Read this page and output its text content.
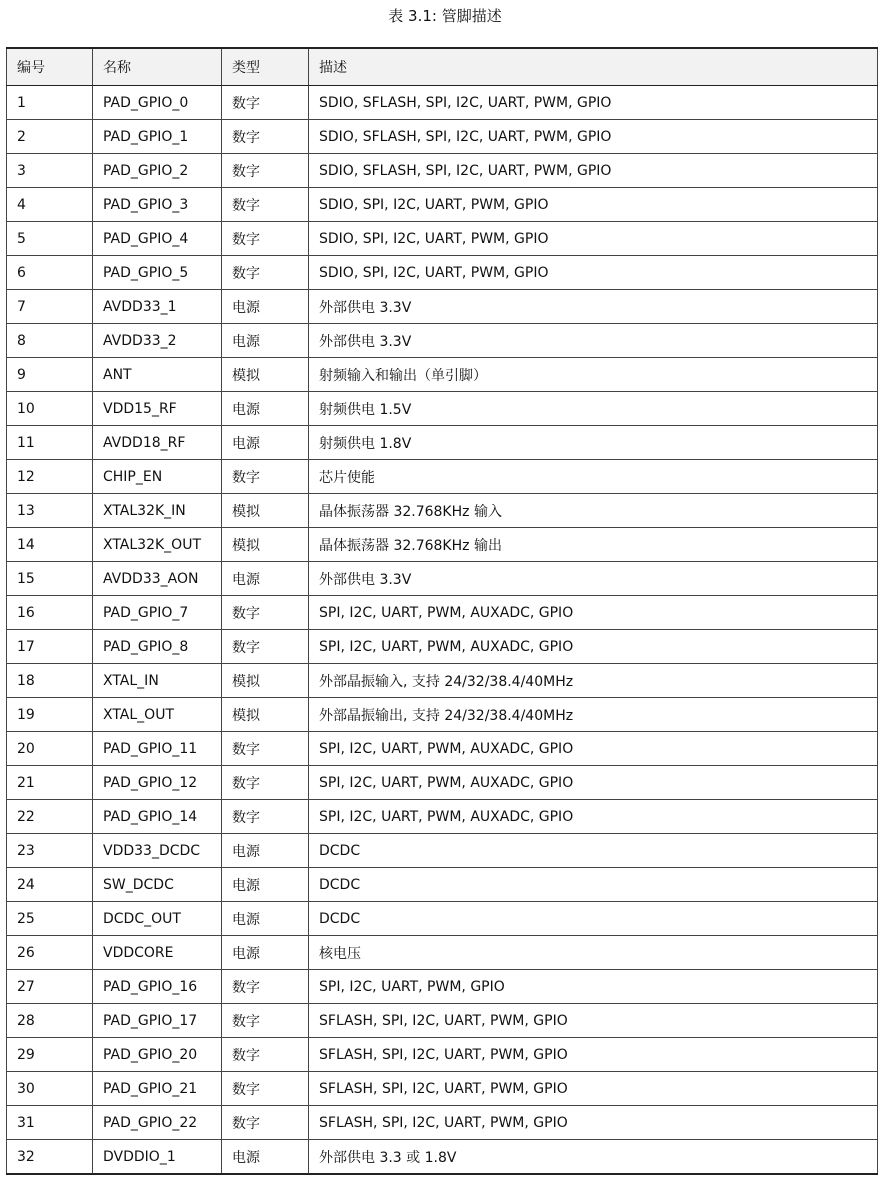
表 3.1: 管脚描述
编号	名称	类型	描述
1	PAD_GPIO_0	数字	SDIO, SFLASH, SPI, I2C, UART, PWM, GPIO
2	PAD_GPIO_1	数字	SDIO, SFLASH, SPI, I2C, UART, PWM, GPIO
3	PAD_GPIO_2	数字	SDIO, SFLASH, SPI, I2C, UART, PWM, GPIO
4	PAD_GPIO_3	数字	SDIO, SPI, I2C, UART, PWM, GPIO
5	PAD_GPIO_4	数字	SDIO, SPI, I2C, UART, PWM, GPIO
6	PAD_GPIO_5	数字	SDIO, SPI, I2C, UART, PWM, GPIO
7	AVDD33_1	电源	外部供电 3.3V
8	AVDD33_2	电源	外部供电 3.3V
9	ANT	模拟	射频输入和输出（单引脚）
10	VDD15_RF	电源	射频供电 1.5V
11	AVDD18_RF	电源	射频供电 1.8V
12	CHIP_EN	数字	芯片使能
13	XTAL32K_IN	模拟	晶体振荡器 32.768KHz 输入
14	XTAL32K_OUT	模拟	晶体振荡器 32.768KHz 输出
15	AVDD33_AON	电源	外部供电 3.3V
16	PAD_GPIO_7	数字	SPI, I2C, UART, PWM, AUXADC, GPIO
17	PAD_GPIO_8	数字	SPI, I2C, UART, PWM, AUXADC, GPIO
18	XTAL_IN	模拟	外部晶振输入, 支持 24/32/38.4/40MHz
19	XTAL_OUT	模拟	外部晶振输出, 支持 24/32/38.4/40MHz
20	PAD_GPIO_11	数字	SPI, I2C, UART, PWM, AUXADC, GPIO
21	PAD_GPIO_12	数字	SPI, I2C, UART, PWM, AUXADC, GPIO
22	PAD_GPIO_14	数字	SPI, I2C, UART, PWM, AUXADC, GPIO
23	VDD33_DCDC	电源	DCDC
24	SW_DCDC	电源	DCDC
25	DCDC_OUT	电源	DCDC
26	VDDCORE	电源	核电压
27	PAD_GPIO_16	数字	SPI, I2C, UART, PWM, GPIO
28	PAD_GPIO_17	数字	SFLASH, SPI, I2C, UART, PWM, GPIO
29	PAD_GPIO_20	数字	SFLASH, SPI, I2C, UART, PWM, GPIO
30	PAD_GPIO_21	数字	SFLASH, SPI, I2C, UART, PWM, GPIO
31	PAD_GPIO_22	数字	SFLASH, SPI, I2C, UART, PWM, GPIO
32	DVDDIO_1	电源	外部供电 3.3 或 1.8V
